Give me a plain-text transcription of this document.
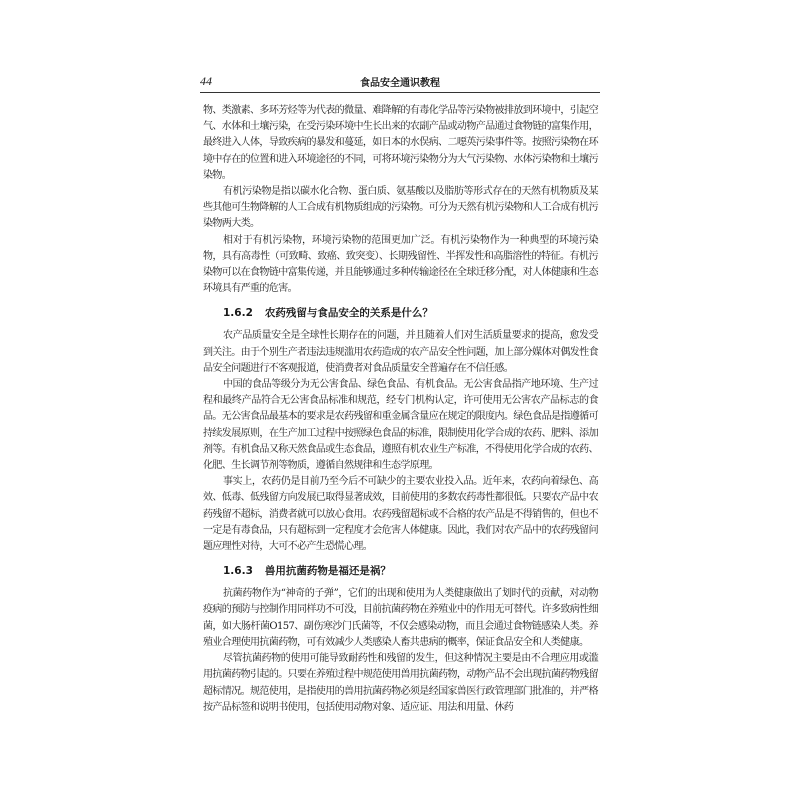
44	食品安全通识教程

物、类激素、多环芳烃等为代表的微量、难降解的有毒化学品等污染物被排放到环境中，引起空气、水体和土壤污染，在受污染环境中生长出来的农副产品或动物产品通过食物链的富集作用，最终进入人体，导致疾病的暴发和蔓延，如日本的水俣病、二噁英污染事件等。按照污染物在环境中存在的位置和进入环境途径的不同，可将环境污染物分为大气污染物、水体污染物和土壤污染物。

有机污染物是指以碳水化合物、蛋白质、氨基酸以及脂肪等形式存在的天然有机物质及某些其他可生物降解的人工合成有机物质组成的污染物。可分为天然有机污染物和人工合成有机污染物两大类。

相对于有机污染物，环境污染物的范围更加广泛。有机污染物作为一种典型的环境污染物，具有高毒性（可致畸、致癌、致突变）、长期残留性、半挥发性和高脂溶性的特征。有机污染物可以在食物链中富集传递，并且能够通过多种传输途径在全球迁移分配，对人体健康和生态环境具有严重的危害。

1.6.2 农药残留与食品安全的关系是什么？

农产品质量安全是全球性长期存在的问题，并且随着人们对生活质量要求的提高，愈发受到关注。由于个别生产者违法违规滥用农药造成的农产品安全性问题，加上部分媒体对偶发性食品安全问题进行不客观报道，使消费者对食品质量安全普遍存在不信任感。

中国的食品等级分为无公害食品、绿色食品、有机食品。无公害食品指产地环境、生产过程和最终产品符合无公害食品标准和规范，经专门机构认定，许可使用无公害农产品标志的食品。无公害食品最基本的要求是农药残留和重金属含量应在规定的限度内。绿色食品是指遵循可持续发展原则，在生产加工过程中按照绿色食品的标准，限制使用化学合成的农药、肥料、添加剂等。有机食品又称天然食品或生态食品，遵照有机农业生产标准，不得使用化学合成的农药、化肥、生长调节剂等物质，遵循自然规律和生态学原理。

事实上，农药仍是目前乃至今后不可缺少的主要农业投入品。近年来，农药向着绿色、高效、低毒、低残留方向发展已取得显著成效，目前使用的多数农药毒性都很低。只要农产品中农药残留不超标，消费者就可以放心食用。农药残留超标或不合格的农产品是不得销售的，但也不一定是有毒食品，只有超标到一定程度才会危害人体健康。因此，我们对农产品中的农药残留问题应理性对待，大可不必产生恐慌心理。

1.6.3 兽用抗菌药物是福还是祸？

抗菌药物作为“神奇的子弹”，它们的出现和使用为人类健康做出了划时代的贡献，对动物疫病的预防与控制作用同样功不可没，目前抗菌药物在养殖业中的作用无可替代。许多致病性细菌，如大肠杆菌O157、副伤寒沙门氏菌等，不仅会感染动物，而且会通过食物链感染人类。养殖业合理使用抗菌药物，可有效减少人类感染人畜共患病的概率，保证食品安全和人类健康。

尽管抗菌药物的使用可能导致耐药性和残留的发生，但这种情况主要是由不合理应用或滥用抗菌药物引起的。只要在养殖过程中规范使用兽用抗菌药物，动物产品不会出现抗菌药物残留超标情况。规范使用，是指使用的兽用抗菌药物必须是经国家兽医行政管理部门批准的，并严格按产品标签和说明书使用，包括使用动物对象、适应证、用法和用量、休药
